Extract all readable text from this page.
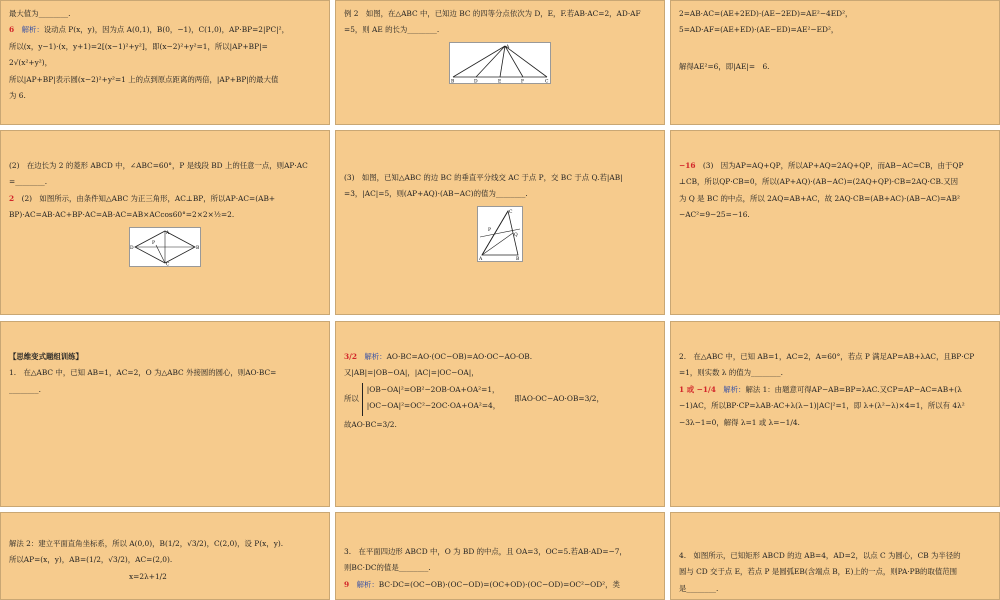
最大值为________.

6　 解析：设动点 P(x，y)，因为点 A(0,1)，B(0，−1)，C(1,0)，AP·BP=2|PC|²，

所以(x，y−1)·(x，y+1)=2[(x−1)²+y²]，即(x−2)²+y²=1，所以|AP+BP|=

2√(x²+y²)，

所以|AP+BP|表示圆(x−2)²+y²=1 上的点到原点距离的两倍，|AP+BP|的最大值

为 6.

例 2　如图，在△ABC 中，已知边 BC 的四等分点依次为 D，E，F.若AB·AC=2，AD·AF

=5，则 AE 的长为________.

A
B	D	E	F	C

2=AB·AC=(AE+2ED)·(AE−2ED)=AE²−4ED²，

5=AD·AF=(AE+ED)·(AE−ED)=AE²−ED²，

解得AE²=6，即|AE|=　6.

(2)　在边长为 2 的菱形 ABCD 中，∠ABC=60°，P 是线段 BD 上的任意一点，则AP·AC

=________.

2　 (2)　如图所示，由条件知△ABC 为正三角形，AC⊥BP，所以AP·AC=(AB+

BP)·AC=AB·AC+BP·AC=AB·AC=AB×ACcos60°=2×2×½=2.

D
P
A
B
C

(3)　如图，已知△ABC 的边 BC 的垂直平分线交 AC 于点 P，交 BC 于点 Q.若|AB|

=3，|AC|=5，则(AP+AQ)·(AB−AC)的值为________.

C
P
Q
A	B

−16　 (3)　因为AP=AQ+QP，所以AP+AQ=2AQ+QP，而AB−AC=CB，由于QP

⊥CB，所以QP·CB=0，所以(AP+AQ)·(AB−AC)=(2AQ+QP)·CB=2AQ·CB.又因

为 Q 是 BC 的中点，所以 2AQ=AB+AC，故 2AQ·CB=(AB+AC)·(AB−AC)=AB²

−AC²=9−25=−16.

【思维变式题组训练】

1.　在△ABC 中，已知 AB=1，AC=2，O 为△ABC 外接圆的圆心，则AO·BC=

________.

3/2　 解析：AO·BC=AO·(OC−OB)=AO·OC−AO·OB.

又|AB|=|OB−OA|，|AC|=|OC−OA|，

所以

|OB−OA|²=OB²−2OB·OA+OA²=1，

|OC−OA|²=OC²−2OC·OA+OA²=4，

即AO·OC−AO·OB=3/2，

故AO·BC=3/2.

2.　在△ABC 中，已知 AB=1，AC=2，A=60°，若点 P 满足AP=AB+λAC，且BP·CP

=1，则实数 λ 的值为________.

1 或 −1/4　 解析：解法 1：由题意可得AP−AB=BP=λAC.又CP=AP−AC=AB+(λ

−1)AC，所以BP·CP=λAB·AC+λ(λ−1)|AC|²=1，即 λ+(λ²−λ)×4=1，所以有 4λ²

−3λ−1=0，解得 λ=1 或 λ=−1/4.

解法 2：建立平面直角坐标系，所以 A(0,0)，B(1/2，√3/2)，C(2,0)，设 P(x，y).

所以AP=(x，y)，AB=(1/2，√3/2)，AC=(2,0).

x=2λ+1/2

3.　在平面四边形 ABCD 中，O 为 BD 的中点，且 OA=3，OC=5.若AB·AD=−7，

则BC·DC的值是________.

9　 解析：BC·DC=(OC−OB)·(OC−OD)=(OC+OD)·(OC−OD)=OC²−OD²，类

4.　如图所示，已知矩形 ABCD 的边 AB=4，AD=2，以点 C 为圆心，CB 为半径的

圆与 CD 交于点 E，若点 P 是圆弧EB(含端点 B，E)上的一点，则PA·PB的取值范围

是________.
